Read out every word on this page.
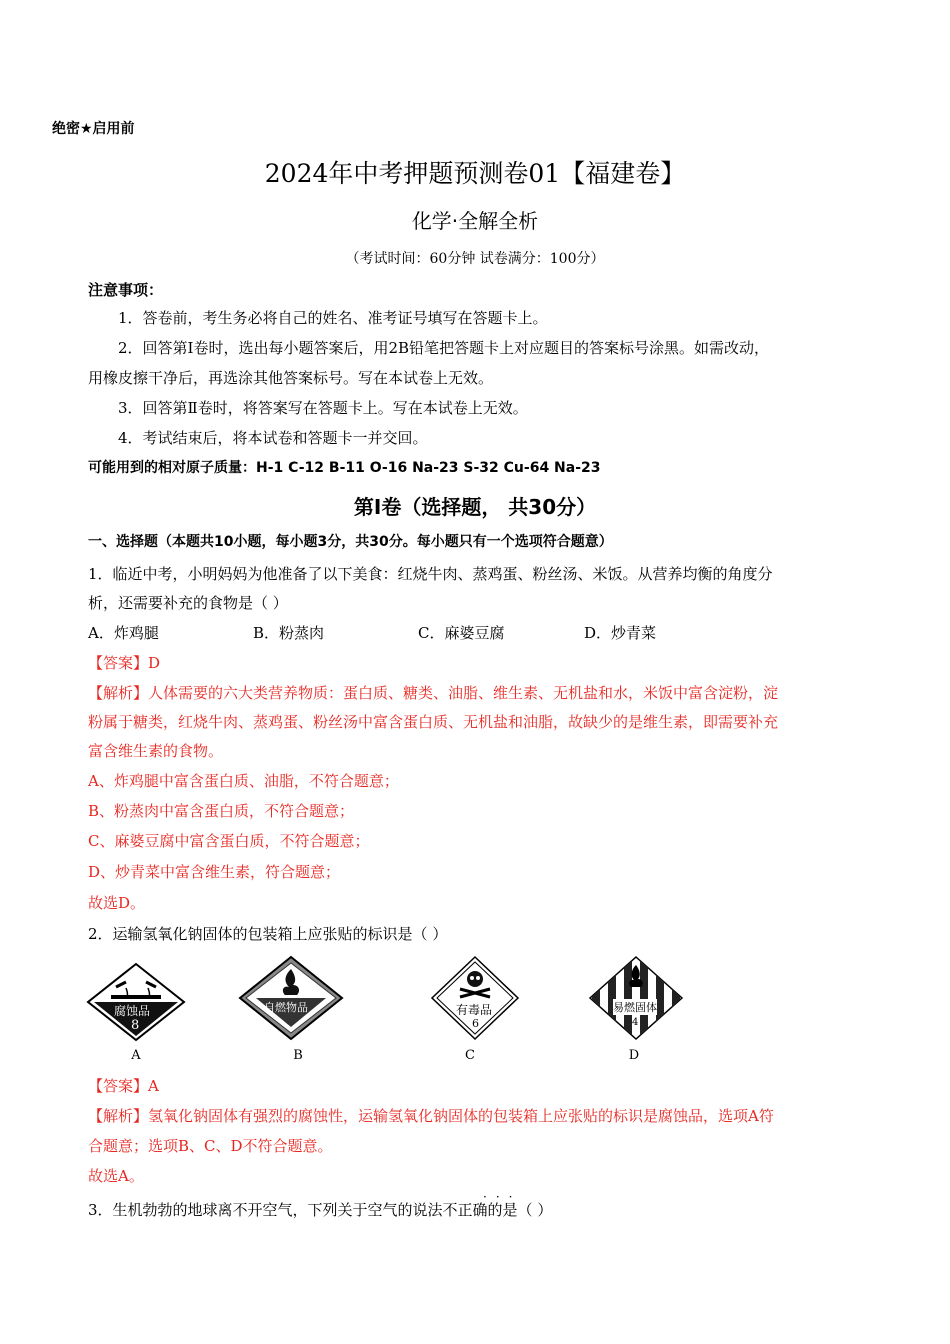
绝密★启用前
2024年中考押题预测卷01【福建卷】
化学·全解全析
（考试时间：60分钟 试卷满分：100分）
注意事项：
1．答卷前，考生务必将自己的姓名、准考证号填写在答题卡上。
2．回答第Ⅰ卷时，选出每小题答案后，用2B铅笔把答题卡上对应题目的答案标号涂黑。如需改动，
用橡皮擦干净后，再选涂其他答案标号。写在本试卷上无效。
3．回答第Ⅱ卷时，将答案写在答题卡上。写在本试卷上无效。
4．考试结束后，将本试卷和答题卡一并交回。
可能用到的相对原子质量：H-1 C-12 B-11 O-16 Na-23 S-32 Cu-64 Na-23
第Ⅰ卷（选择题， 共30分）
一、选择题（本题共10小题，每小题3分，共30分。每小题只有一个选项符合题意）
1．临近中考，小明妈妈为他准备了以下美食：红烧牛肉、蒸鸡蛋、粉丝汤、米饭。从营养均衡的角度分
析，还需要补充的食物是（ ）
A．炸鸡腿	B．粉蒸肉	C．麻婆豆腐	D．炒青菜
【答案】D
【解析】人体需要的六大类营养物质：蛋白质、糖类、油脂、维生素、无机盐和水，米饭中富含淀粉，淀
粉属于糖类，红烧牛肉、蒸鸡蛋、粉丝汤中富含蛋白质、无机盐和油脂，故缺少的是维生素，即需要补充
富含维生素的食物。
A、炸鸡腿中富含蛋白质、油脂，不符合题意；
B、粉蒸肉中富含蛋白质，不符合题意；
C、麻婆豆腐中富含蛋白质，不符合题意；
D、炒青菜中富含维生素，符合题意；
故选D。
2．运输氢氧化钠固体的包装箱上应张贴的标识是（ ）
腐蚀品
8
A
自燃物品
B
有毒品
6
C
易燃固体
4
D
【答案】A
【解析】氢氧化钠固体有强烈的腐蚀性，运输氢氧化钠固体的包装箱上应张贴的标识是腐蚀品，选项A符
合题意；选项B、C、D不符合题意。
故选A。
···
3．生机勃勃的地球离不开空气，下列关于空气的说法不正确的是（ ）
